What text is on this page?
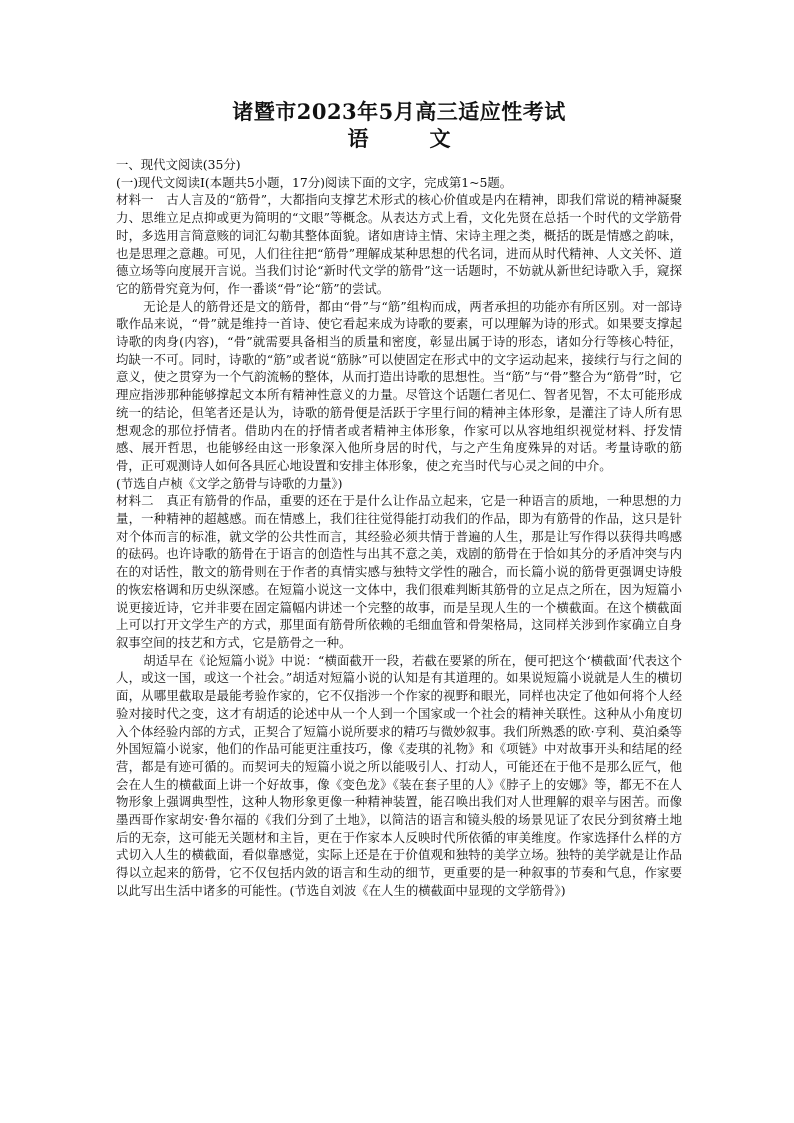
诸暨市2023年5月高三适应性考试
语　文

一、现代文阅读(35分)

(一)现代文阅读I(本题共5小题，17分)阅读下面的文字，完成第1~5题。

材料一  古人言及的“筋骨”，大都指向支撑艺术形式的核心价值或是内在精神，即我们常说的精神凝聚力、思维立足点抑或更为简明的“文眼”等概念。从表达方式上看，文化先贤在总括一个时代的文学筋骨时，多选用言简意赅的词汇勾勒其整体面貌。诸如唐诗主情、宋诗主理之类，概括的既是情感之韵味，也是思理之意趣。可见，人们往往把“筋骨”理解成某种思想的代名词，进而从时代精神、人文关怀、道德立场等向度展开言说。当我们讨论“新时代文学的筋骨”这一话题时，不妨就从新世纪诗歌入手，窥探它的筋骨究竟为何，作一番谈“骨”论“筋”的尝试。

无论是人的筋骨还是文的筋骨，都由“骨”与“筋”组构而成，两者承担的功能亦有所区别。对一部诗歌作品来说，“骨”就是维持一首诗、使它看起来成为诗歌的要素，可以理解为诗的形式。如果要支撑起诗歌的肉身(内容)，“骨”就需要具备相当的质量和密度，彰显出属于诗的形态，诸如分行等核心特征，均缺一不可。同时，诗歌的“筋”或者说“筋脉”可以使固定在形式中的文字运动起来，接续行与行之间的意义，使之贯穿为一个气韵流畅的整体，从而打造出诗歌的思想性。当“筋”与“骨”整合为“筋骨”时，它理应指涉那种能够撑起文本所有精神性意义的力量。尽管这个话题仁者见仁、智者见智，不太可能形成统一的结论，但笔者还是认为，诗歌的筋骨便是活跃于字里行间的精神主体形象，是灌注了诗人所有思想观念的那位抒情者。借助内在的抒情者或者精神主体形象，作家可以从容地组织视觉材料、抒发情感、展开哲思，也能够经由这一形象深入他所身居的时代，与之产生角度殊异的对话。考量诗歌的筋骨，正可观测诗人如何各具匠心地设置和安排主体形象，使之充当时代与心灵之间的中介。

(节选自卢桢《文学之筋骨与诗歌的力量》)

材料二  真正有筋骨的作品，重要的还在于是什么让作品立起来，它是一种语言的质地，一种思想的力量，一种精神的超越感。而在情感上，我们往往觉得能打动我们的作品，即为有筋骨的作品，这只是针对个体而言的标准，就文学的公共性而言，其经验必须共情于普遍的人生，那是让写作得以获得共鸣感的砝码。也许诗歌的筋骨在于语言的创造性与出其不意之美，戏剧的筋骨在于恰如其分的矛盾冲突与内在的对话性，散文的筋骨则在于作者的真情实感与独特文学性的融合，而长篇小说的筋骨更强调史诗般的恢宏格调和历史纵深感。在短篇小说这一文体中，我们很难判断其筋骨的立足点之所在，因为短篇小说更接近诗，它并非要在固定篇幅内讲述一个完整的故事，而是呈现人生的一个横截面。在这个横截面上可以打开文学生产的方式，那里面有筋骨所依赖的毛细血管和骨架格局，这同样关涉到作家确立自身叙事空间的技艺和方式，它是筋骨之一种。

胡适早在《论短篇小说》中说：“横面截开一段，若截在要紧的所在，便可把这个‘横截面’代表这个人，或这一国，或这一个社会。”胡适对短篇小说的认知是有其道理的。如果说短篇小说就是人生的横切面，从哪里截取是最能考验作家的，它不仅指涉一个作家的视野和眼光，同样也决定了他如何将个人经验对接时代之变，这才有胡适的论述中从一个人到一个国家或一个社会的精神关联性。这种从小角度切入个体经验内部的方式，正契合了短篇小说所要求的精巧与微妙叙事。我们所熟悉的欧·亨利、莫泊桑等外国短篇小说家，他们的作品可能更注重技巧，像《麦琪的礼物》和《项链》中对故事开头和结尾的经营，都是有迹可循的。而契诃夫的短篇小说之所以能吸引人、打动人，可能还在于他不是那么匠气，他会在人生的横截面上讲一个好故事，像《变色龙》《装在套子里的人》《脖子上的安娜》等，都无不在人物形象上强调典型性，这种人物形象更像一种精神装置，能召唤出我们对人世理解的艰辛与困苦。而像墨西哥作家胡安·鲁尔福的《我们分到了土地》，以简洁的语言和镜头般的场景见证了农民分到贫瘠土地后的无奈，这可能无关题材和主旨，更在于作家本人反映时代所依循的审美维度。作家选择什么样的方式切入人生的横截面，看似靠感觉，实际上还是在于价值观和独特的美学立场。独特的美学就是让作品得以立起来的筋骨，它不仅包括内敛的语言和生动的细节，更重要的是一种叙事的节奏和气息，作家要以此写出生活中诸多的可能性。(节选自刘波《在人生的横截面中显现的文学筋骨》)
